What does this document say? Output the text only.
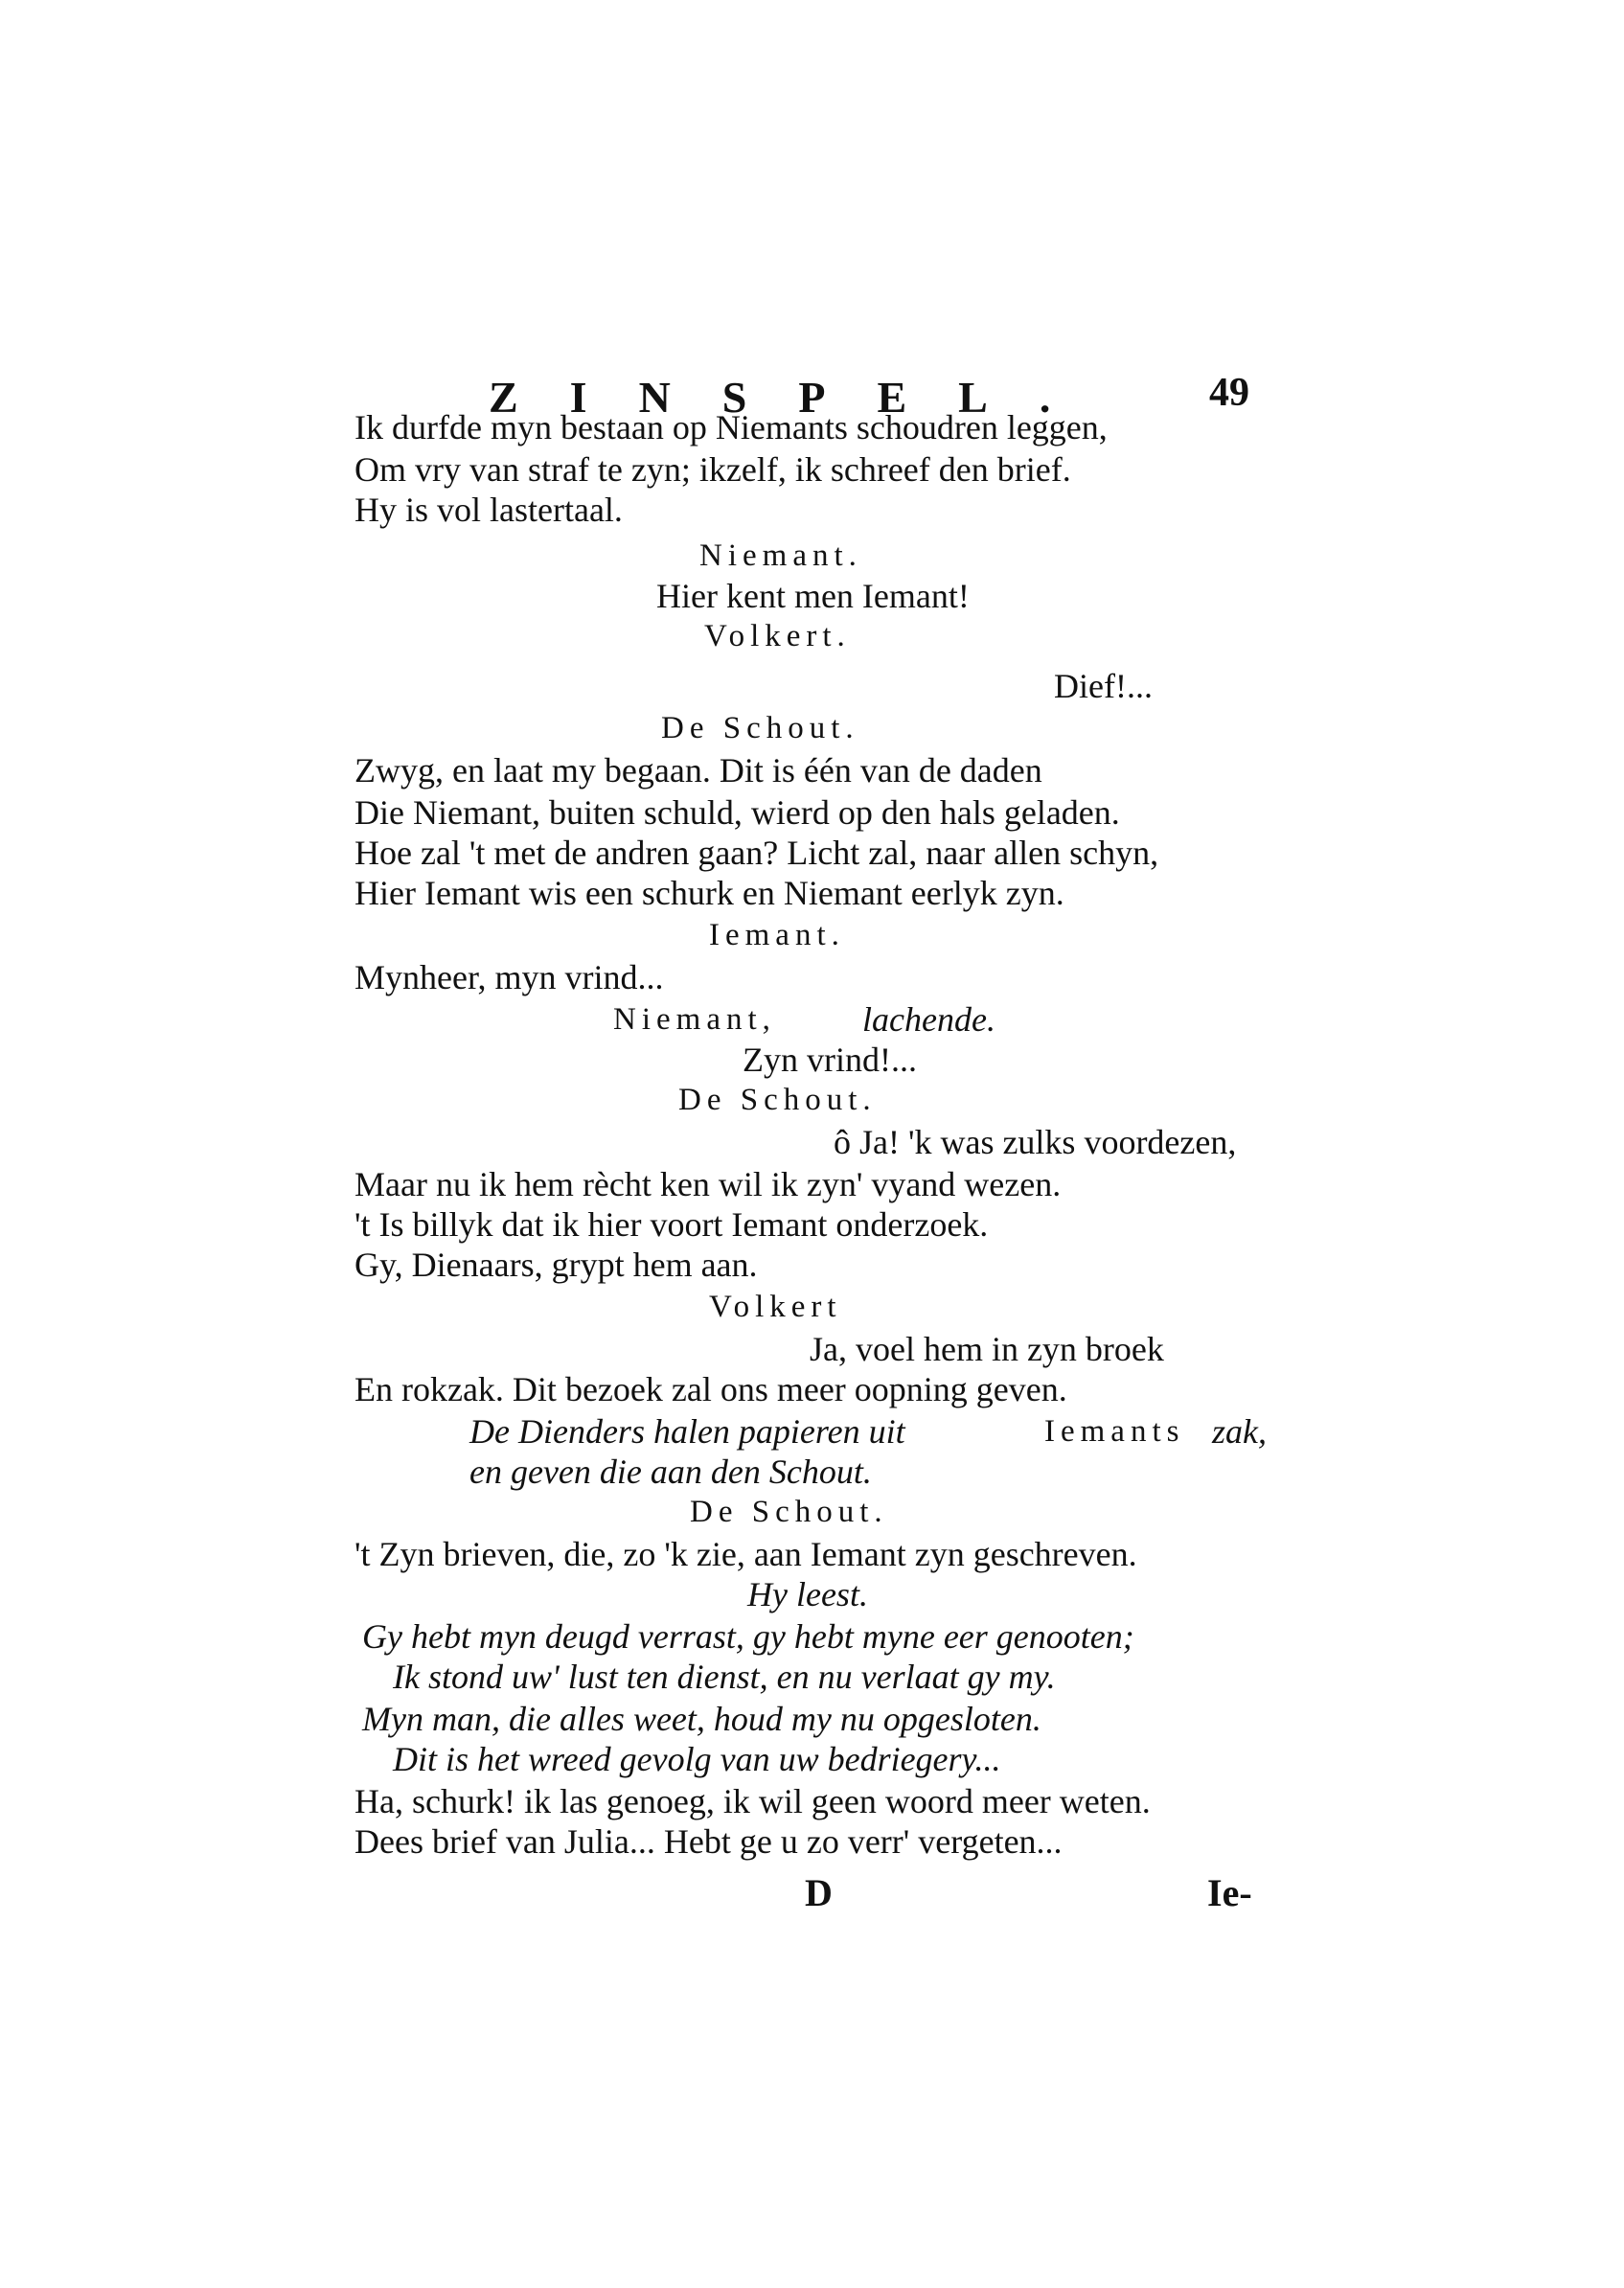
ZINSPEL.	49
Ik durfde myn bestaan op Niemants schoudren leggen,
Om vry van straf te zyn; ikzelf, ik schreef den brief.
Hy is vol lastertaal.
Niemant.
Hier kent men Iemant!
Volkert.
Dief!...
De Schout.
Zwyg, en laat my begaan. Dit is één van de daden
Die Niemant, buiten schuld, wierd op den hals geladen.
Hoe zal 't met de andren gaan? Licht zal, naar allen schyn,
Hier Iemant wis een schurk en Niemant eerlyk zyn.
Iemant.
Mynheer, myn vrind...
Niemant,	lachende.
Zyn vrind!...
De Schout.
ô Ja! 'k was zulks voordezen,
Maar nu ik hem rècht ken wil ik zyn' vyand wezen.
't Is billyk dat ik hier voort Iemant onderzoek.
Gy, Dienaars, grypt hem aan.
Volkert
Ja, voel hem in zyn broek
En rokzak. Dit bezoek zal ons meer oopning geven.
De Dienders halen papieren uit	Iemants zak,
en geven die aan den Schout.
De Schout.
't Zyn brieven, die, zo 'k zie, aan Iemant zyn geschreven.
Hy leest.
Gy hebt myn deugd verrast, gy hebt myne eer genooten;
Ik stond uw' lust ten dienst, en nu verlaat gy my.
Myn man, die alles weet, houd my nu opgesloten.
Dit is het wreed gevolg van uw bedriegery...
Ha, schurk! ik las genoeg, ik wil geen woord meer weten.
Dees brief van Julia... Hebt ge u zo verr' vergeten...
D	Ie-
